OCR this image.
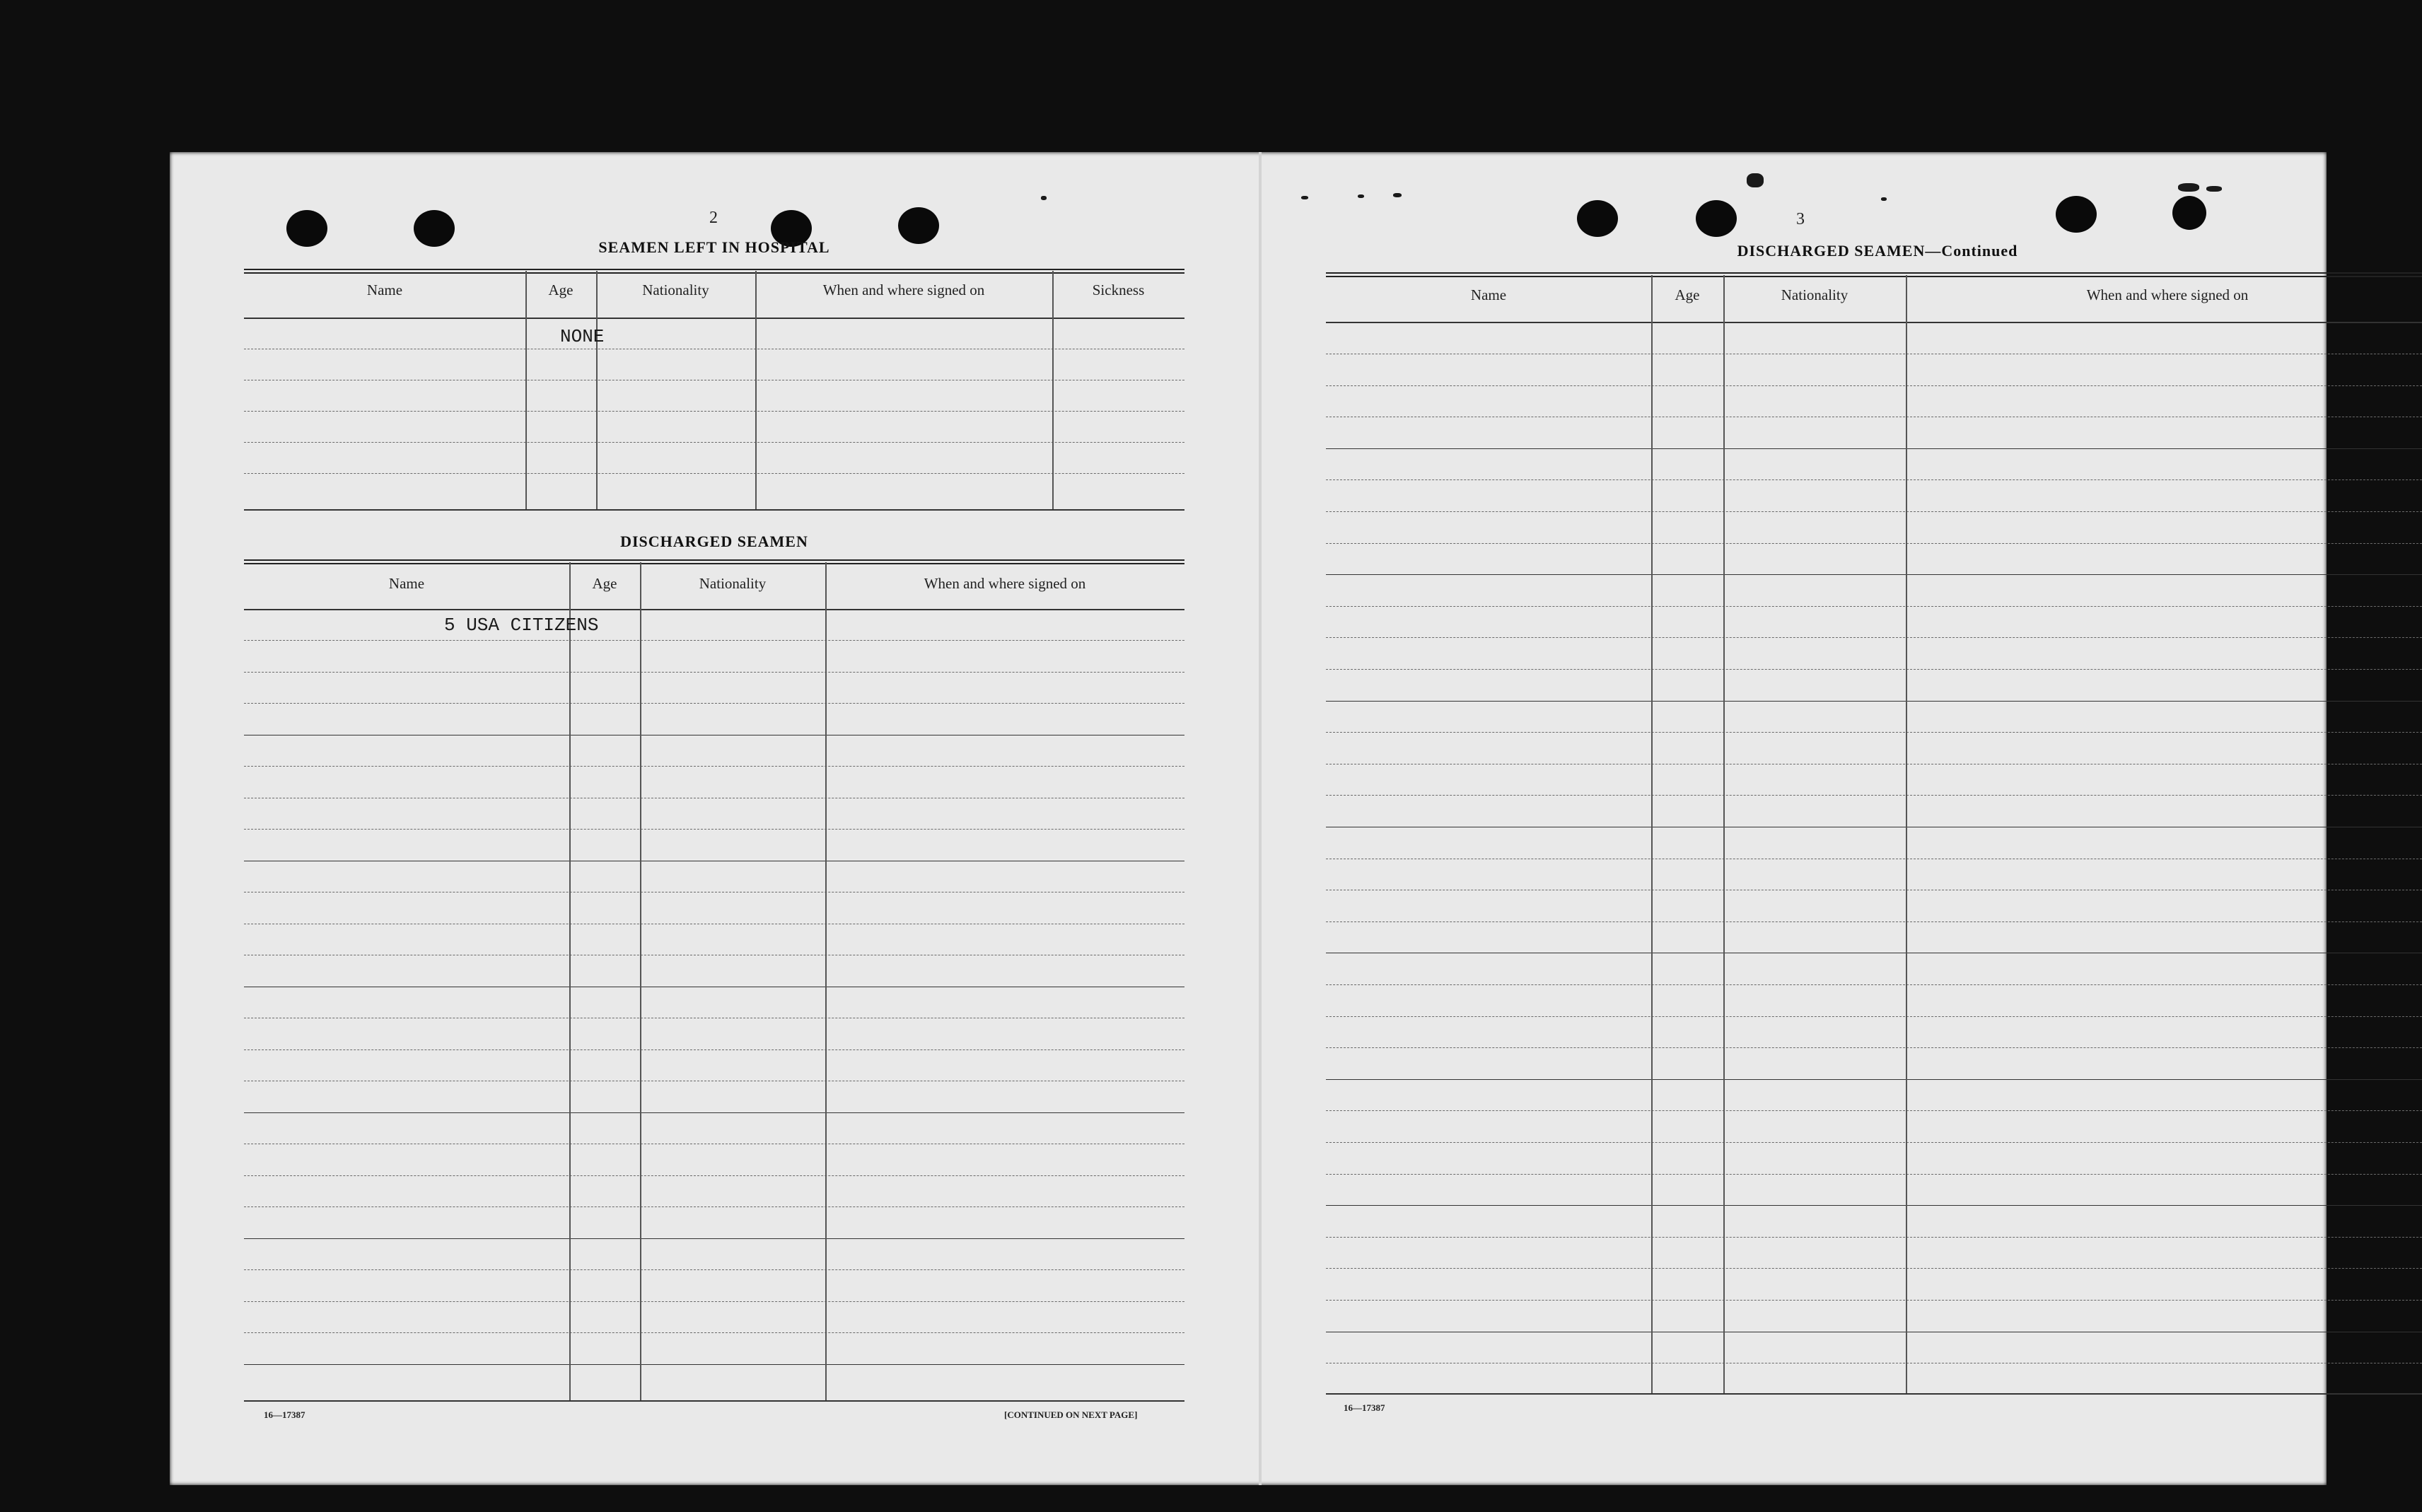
2
SEAMEN LEFT IN HOSPITAL
Name	Age	Nationality	When and where signed on	Sickness
NONE
DISCHARGED SEAMEN
Name	Age	Nationality	When and where signed on
5 USA CITIZENS
16—17387	[CONTINUED ON NEXT PAGE]
3
DISCHARGED SEAMEN—Continued
Name	Age	Nationality	When and where signed on
16—17387
